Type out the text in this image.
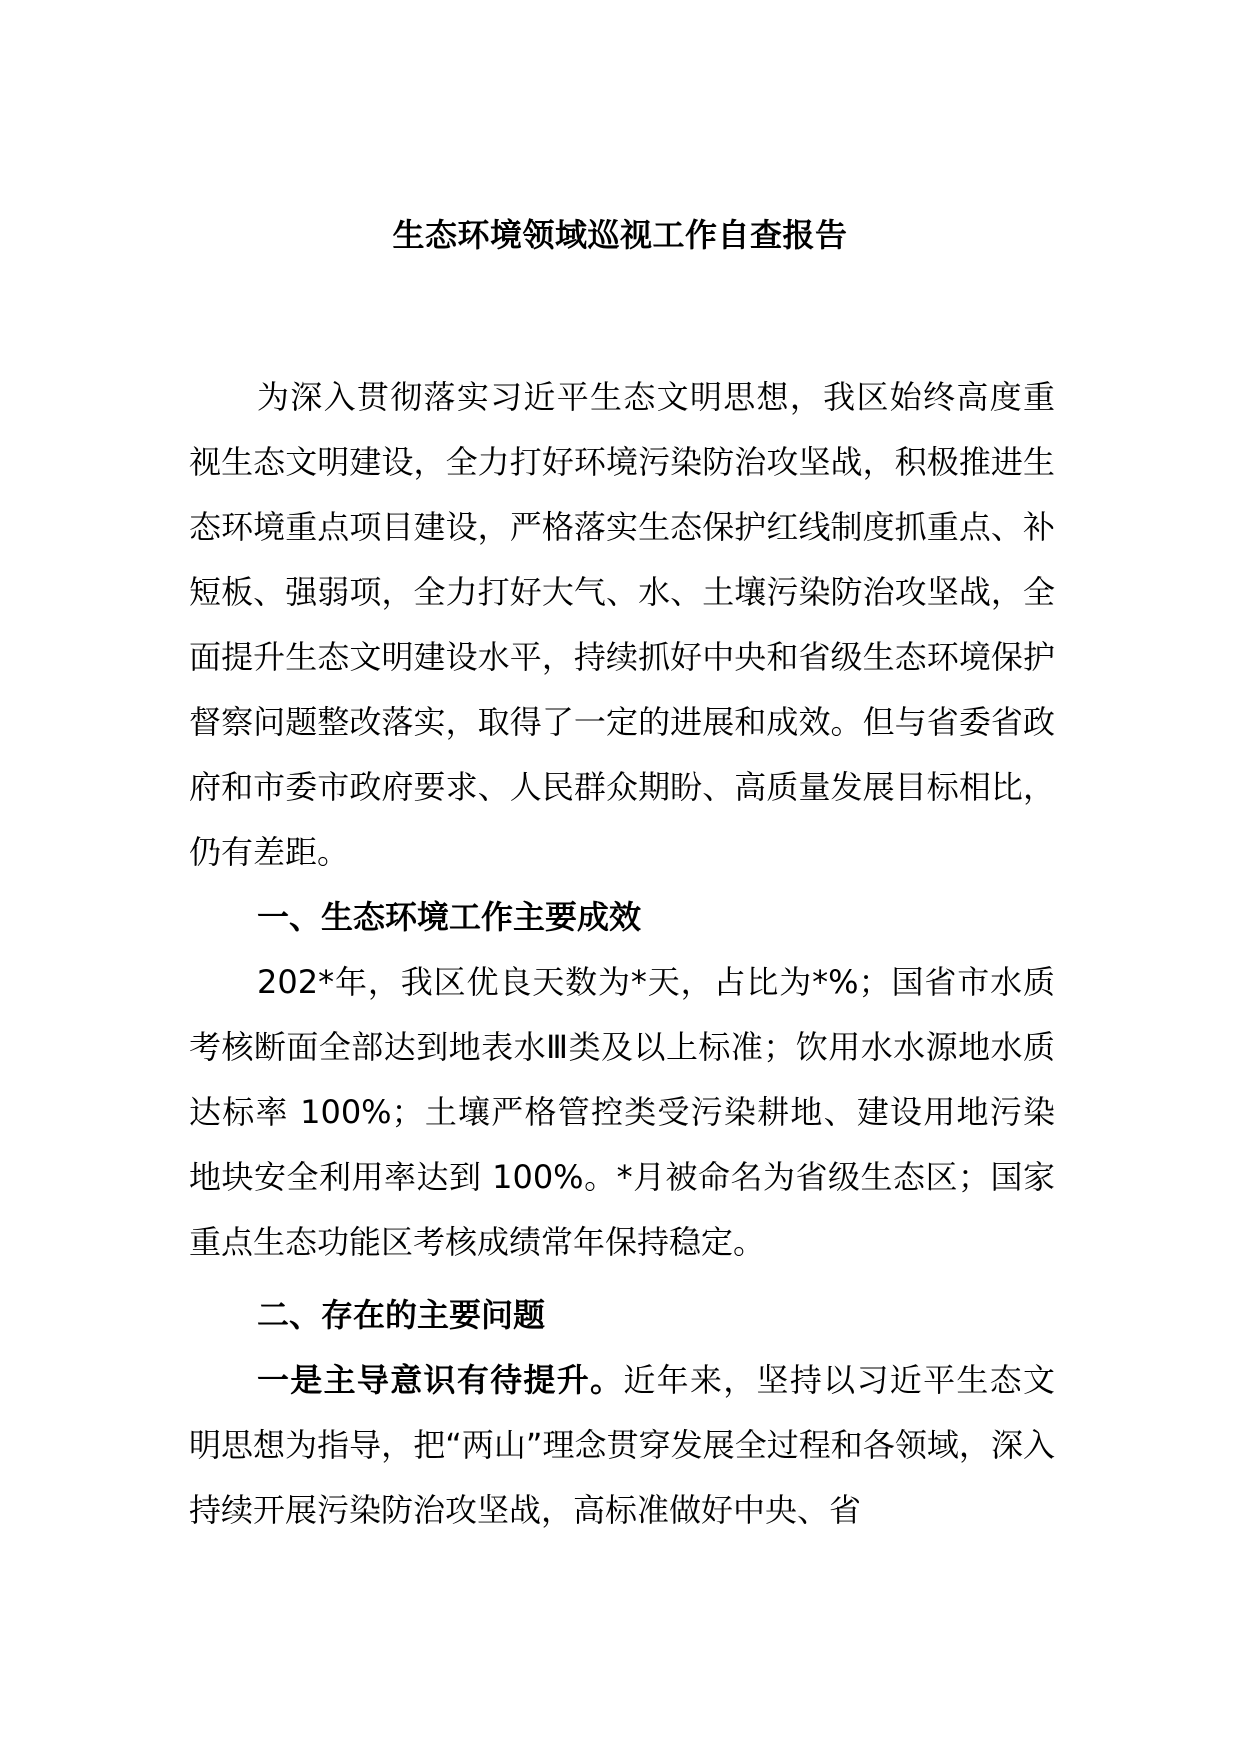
生态环境领域巡视工作自查报告

为深入贯彻落实习近平生态文明思想，我区始终高度重视生态文明建设，全力打好环境污染防治攻坚战，积极推进生态环境重点项目建设，严格落实生态保护红线制度抓重点、补短板、强弱项，全力打好大气、水、土壤污染防治攻坚战，全面提升生态文明建设水平，持续抓好中央和省级生态环境保护督察问题整改落实，取得了一定的进展和成效。但与省委省政府和市委市政府要求、人民群众期盼、高质量发展目标相比，仍有差距。

一、生态环境工作主要成效

202*年，我区优良天数为*天，占比为*%；国省市水质考核断面全部达到地表水Ⅲ类及以上标准；饮用水水源地水质达标率 100%；土壤严格管控类受污染耕地、建设用地污染地块安全利用率达到 100%。*月被命名为省级生态区；国家重点生态功能区考核成绩常年保持稳定。

二、存在的主要问题

一是主导意识有待提升。近年来，坚持以习近平生态文明思想为指导，把“两山”理念贯穿发展全过程和各领域，深入持续开展污染防治攻坚战，高标准做好中央、省
